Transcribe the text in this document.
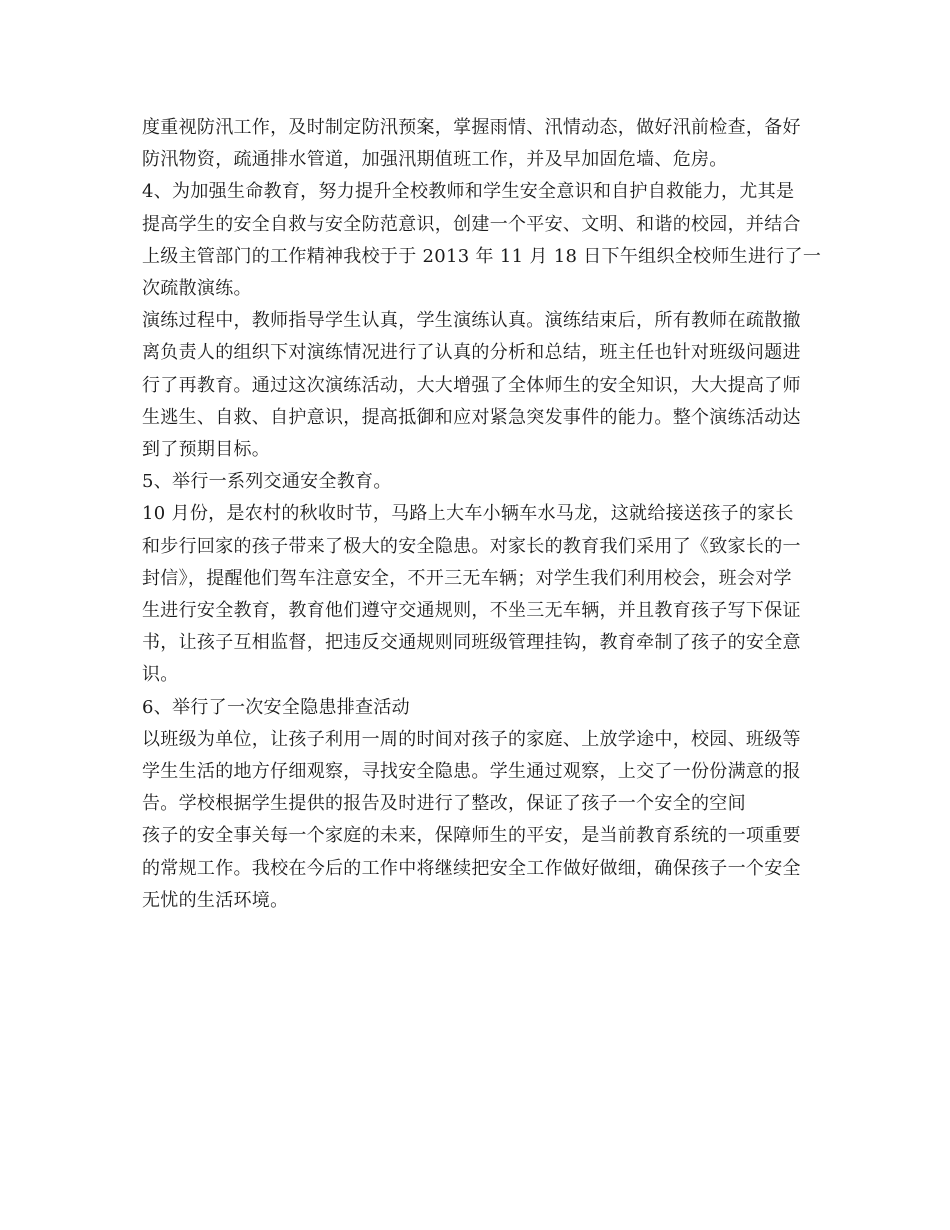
度重视防汛工作，及时制定防汛预案，掌握雨情、汛情动态，做好汛前检查，备好

防汛物资，疏通排水管道，加强汛期值班工作，并及早加固危墙、危房。

4、为加强生命教育，努力提升全校教师和学生安全意识和自护自救能力，尤其是

提高学生的安全自救与安全防范意识，创建一个平安、文明、和谐的校园，并结合

上级主管部门的工作精神我校于于 2013 年 11 月 18 日下午组织全校师生进行了一

次疏散演练。

演练过程中，教师指导学生认真，学生演练认真。演练结束后，所有教师在疏散撤

离负责人的组织下对演练情况进行了认真的分析和总结，班主任也针对班级问题进

行了再教育。通过这次演练活动，大大增强了全体师生的安全知识，大大提高了师

生逃生、自救、自护意识，提高抵御和应对紧急突发事件的能力。整个演练活动达

到了预期目标。

5、举行一系列交通安全教育。

10 月份，是农村的秋收时节，马路上大车小辆车水马龙，这就给接送孩子的家长

和步行回家的孩子带来了极大的安全隐患。对家长的教育我们采用了《致家长的一

封信》，提醒他们驾车注意安全，不开三无车辆；对学生我们利用校会，班会对学

生进行安全教育，教育他们遵守交通规则，不坐三无车辆，并且教育孩子写下保证

书，让孩子互相监督，把违反交通规则同班级管理挂钩，教育牵制了孩子的安全意

识。

6、举行了一次安全隐患排查活动

以班级为单位，让孩子利用一周的时间对孩子的家庭、上放学途中，校园、班级等

学生生活的地方仔细观察，寻找安全隐患。学生通过观察，上交了一份份满意的报

告。学校根据学生提供的报告及时进行了整改，保证了孩子一个安全的空间

孩子的安全事关每一个家庭的未来，保障师生的平安，是当前教育系统的一项重要

的常规工作。我校在今后的工作中将继续把安全工作做好做细，确保孩子一个安全

无忧的生活环境。
